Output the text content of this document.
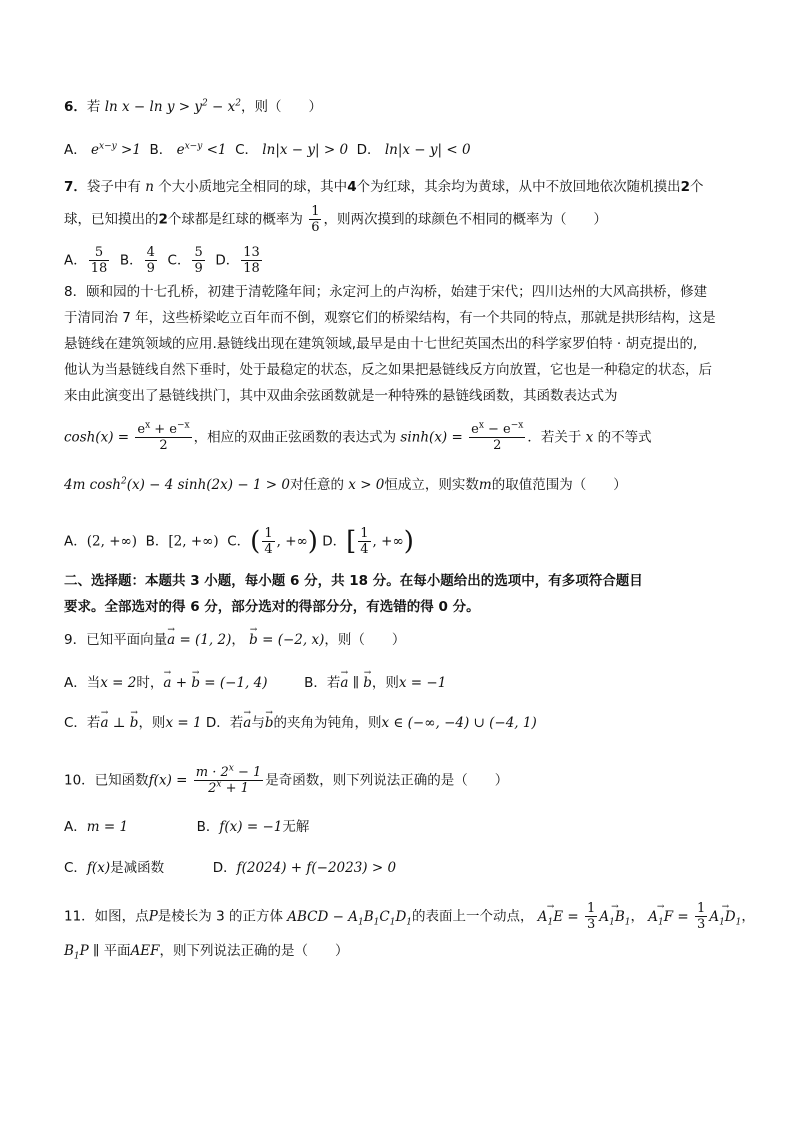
6．若 $\ln x - \ln y > y^2 - x^2$，则（　　）
A． $e^{x-y} >1$ B． $e^{x-y} <1$ C． ln|x − y| > 0 D． ln|x − y| < 0
7．袋子中有 n 个大小质地完全相同的球，其中4个为红球，其余均为黄球，从中不放回地依次随机摸出2个
球，已知摸出的2个球都是红球的概率为 $\frac{1}{6}$ ，则两次摸到的球颜色不相同的概率为（　　）
A． $\frac{5}{18}$ B． $\frac{4}{9}$ C． $\frac{5}{9}$ D． $\frac{13}{18}$
8．颐和园的十七孔桥，初建于清乾隆年间；永定河上的卢沟桥，始建于宋代；四川达州的大风高拱桥，修建
于清同治 7 年，这些桥梁屹立百年而不倒，观察它们的桥梁结构，有一个共同的特点，那就是拱形结构，这是
悬链线在建筑领域的应用.悬链线出现在建筑领域,最早是由十七世纪英国杰出的科学家罗伯特 · 胡克提出的,
他认为当悬链线自然下垂时，处于最稳定的状态，反之如果把悬链线反方向放置，它也是一种稳定的状态，后
来由此演变出了悬链线拱门，其中双曲余弦函数就是一种特殊的悬链线函数，其函数表达式为
$\cosh(x) = \frac{e^x + e^{-x}}{2}$ ，相应的双曲正弦函数的表达式为 $\sinh(x) = \frac{e^x - e^{-x}}{2}$ ．若关于 x 的不等式
4m $\cosh^2(x) - 4$ sinh(2x) − 1 > 0对任意的 x > 0恒成立，则实数m的取值范围为（　　）
A．(2, +∞) B．[2, +∞) C．( $\frac{1}{4}$ , +∞) D．[ $\frac{1}{4}$ , +∞)
二、选择题：本题共 3 小题，每小题 6 分，共 18 分。在每小题给出的选项中，有多项符合题目
要求。全部选对的得 6 分，部分选对的得部分分，有选错的得 0 分。
9．已知平面向量→ a = (1, 2)， → b = (−2, x)，则（　　）
A．当x = 2时，→ a + → b = (−1, 4)	B．若→ a ∥ → b，则x = −1
C．若→ a ⊥ → b，则x = 1 D．若→ a与→ b的夹角为钝角，则x ∈ (−∞, −4) ∪ (−4, 1)
10．已知函数$f(x) = \frac{m \cdot 2^x - 1}{2^x + 1}$ 是奇函数，则下列说法正确的是（　　）
A．m = 1	B．f(x) = −1无解
C．f(x)是减函数	D．f(2024) + f(−2023) > 0
11．如图，点P是棱长为 3 的正方体 ABCD − $A_1B_1C_1D_1$的表面上一个动点， → $A_1E = \frac{1}{3}$
→ $A_1B_1$， → $A_1F = \frac{1}{3}$
→ $A_1D_1$，
$B_1P$ ∥ 平面AEF，则下列说法正确的是（　　）
